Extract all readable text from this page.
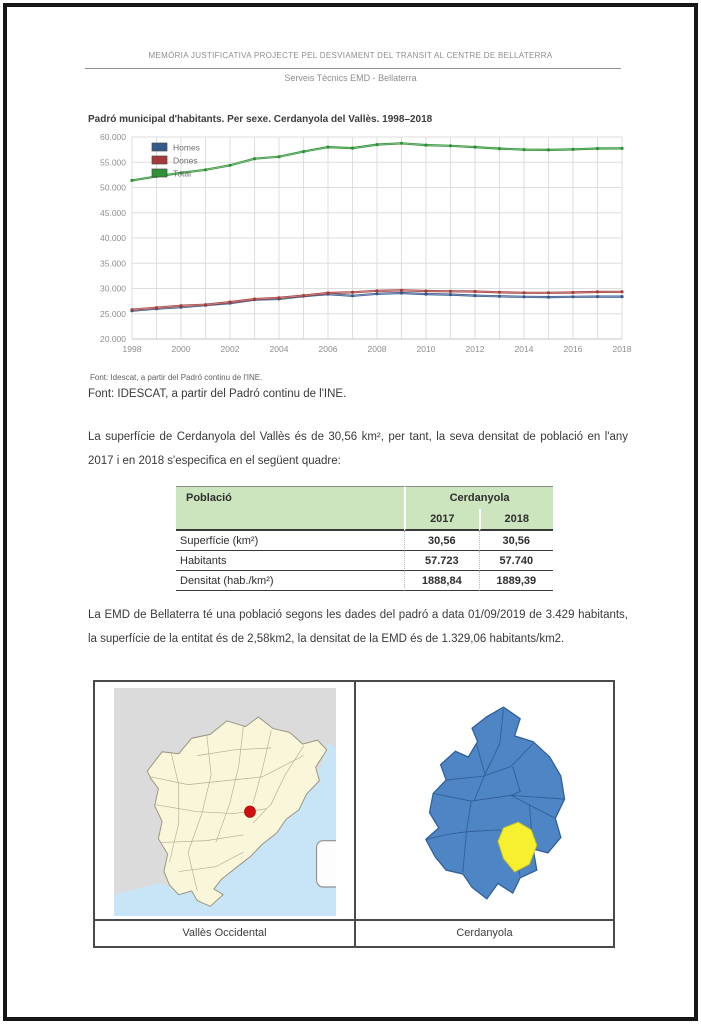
MEMÒRIA JUSTIFICATIVA PROJECTE PEL DESVIAMENT DEL TRANSIT AL CENTRE DE BELLATERRA
Serveis Tècnics EMD - Bellaterra
Padró municipal d'habitants. Per sexe. Cerdanyola del Vallès. 1998–2018
20.000
25.000
30.000
35.000
40.000
45.000
50.000
55.000
60.000
1998	2000	2002	2004	2006	2008	2010	2012	2014	2016	2018
Homes
Dones
Total
Font: Idescat, a partir del Padró continu de l'INE.
Font: IDESCAT, a partir del Padró continu de l'INE.
La superfície de Cerdanyola del Vallès és de 30,56 km², per tant, la seva densitat de població en l'any 2017 i en 2018 s'especifica en el següent quadre:
Població	Cerdanyola	
	2017	2018
Superfície (km²)	30,56	30,56
Habitants	57.723	57.740
Densitat (hab./km²)	1888,84	1889,39
La EMD de Bellaterra té una població segons les dades del padró a data 01/09/2019 de 3.429 habitants, la superfície de la entitat és de 2,58km2, la densitat de la EMD és de 1.329,06 habitants/km2.
Vallès Occidental	Cerdanyola
